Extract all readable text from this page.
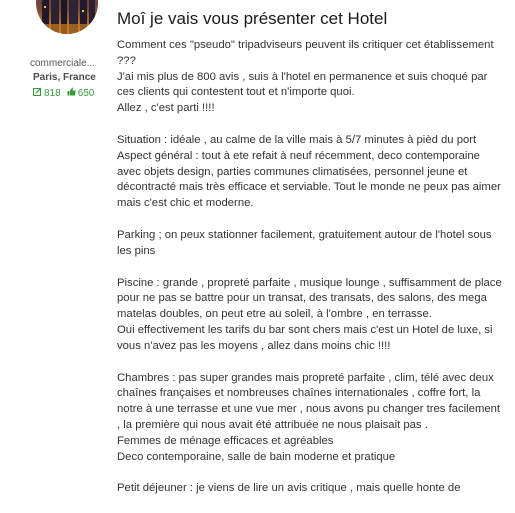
commerciale...
Paris, France
818 650
Moî je vais vous présenter cet Hotel

Comment ces "pseudo" tripadviseurs peuvent ils critiquer cet établissement ???
J'ai mis plus de 800 avis , suis à l'hotel en permanence et suis choqué par ces clients qui contestent tout et n'importe quoi.
Allez , c'est parti !!!!

Situation : idéale , au calme de la ville mais à 5/7 minutes à pièd du port
Aspect général : tout à ete refait à neuf récemment, deco contemporaine avec objets design, parties communes climatisées, personnel jeune et décontracté mais très efficace et serviable. Tout le monde ne peux pas aimer mais c'est chic et moderne.

Parking ; on peux stationner facilement, gratuitement autour de l'hotel sous les pins

Piscine : grande , propreté parfaite , musique lounge , suffisamment de place pour ne pas se battre pour un transat, des transats, des salons, des mega matelas doubles, on peut etre au soleil, à l'ombre , en terrasse.
Oui effectivement les tarifs du bar sont chers mais c'est un Hotel de luxe, si vous n'avez pas les moyens , allez dans moins chic !!!!

Chambres : pas super grandes mais propreté parfaite , clim, télé avec deux chaînes françaises et nombreuses chaînes internationales , coffre fort, la notre à une terrasse et une vue mer , nous avons pu changer tres facilement , la première qui nous avait été attribuée ne nous plaisait pas .
Femmes de ménage efficaces et agréables
Deco contemporaine, salle de bain moderne et pratique

Petit déjeuner : je viens de lire un avis critique , mais quelle honte de
